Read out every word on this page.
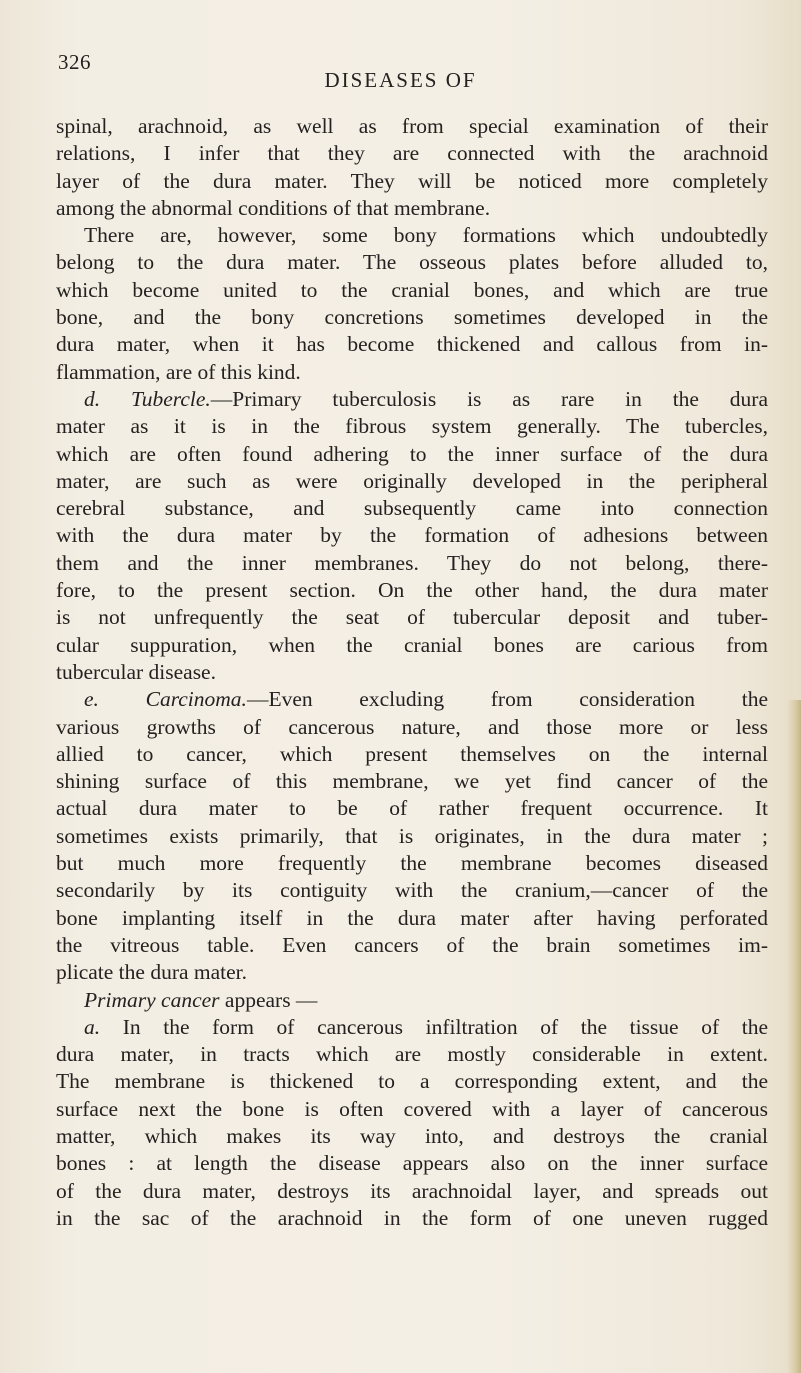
326
DISEASES OF
spinal, arachnoid, as well as from special examination of their
relations, I infer that they are connected with the arachnoid
layer of the dura mater. They will be noticed more completely
among the abnormal conditions of that membrane.
There are, however, some bony formations which undoubtedly
belong to the dura mater. The osseous plates before alluded to,
which become united to the cranial bones, and which are true
bone, and the bony concretions sometimes developed in the
dura mater, when it has become thickened and callous from in-
flammation, are of this kind.
d. Tubercle.—Primary tuberculosis is as rare in the dura
mater as it is in the fibrous system generally. The tubercles,
which are often found adhering to the inner surface of the dura
mater, are such as were originally developed in the peripheral
cerebral substance, and subsequently came into connection
with the dura mater by the formation of adhesions between
them and the inner membranes. They do not belong, there-
fore, to the present section. On the other hand, the dura mater
is not unfrequently the seat of tubercular deposit and tuber-
cular suppuration, when the cranial bones are carious from
tubercular disease.
e. Carcinoma.—Even excluding from consideration the
various growths of cancerous nature, and those more or less
allied to cancer, which present themselves on the internal
shining surface of this membrane, we yet find cancer of the
actual dura mater to be of rather frequent occurrence. It
sometimes exists primarily, that is originates, in the dura mater ;
but much more frequently the membrane becomes diseased
secondarily by its contiguity with the cranium,—cancer of the
bone implanting itself in the dura mater after having perforated
the vitreous table. Even cancers of the brain sometimes im-
plicate the dura mater.
Primary cancer appears —
a. In the form of cancerous infiltration of the tissue of the
dura mater, in tracts which are mostly considerable in extent.
The membrane is thickened to a corresponding extent, and the
surface next the bone is often covered with a layer of cancerous
matter, which makes its way into, and destroys the cranial
bones : at length the disease appears also on the inner surface
of the dura mater, destroys its arachnoidal layer, and spreads out
in the sac of the arachnoid in the form of one uneven rugged
